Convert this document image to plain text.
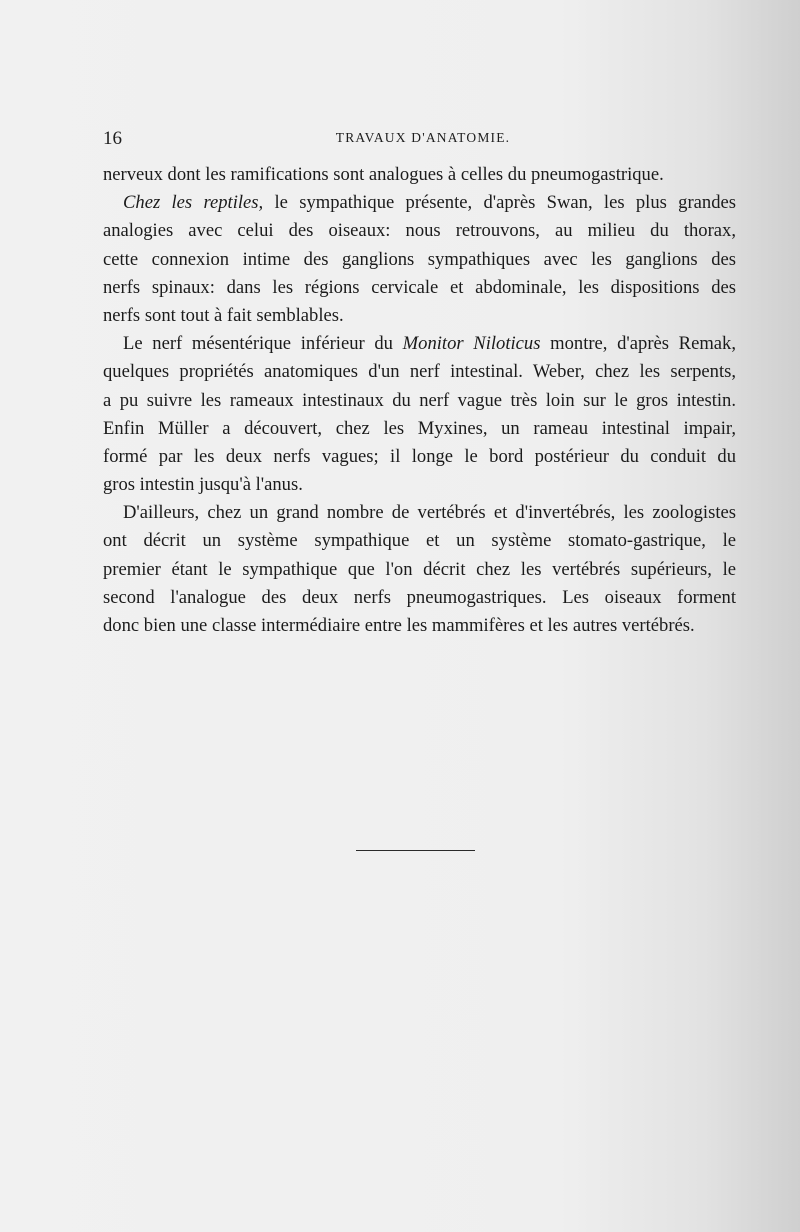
16	TRAVAUX D'ANATOMIE.
nerveux dont les ramifications sont analogues à celles du pneumogastrique.
Chez les reptiles, le sympathique présente, d'après Swan, les plus grandes
analogies avec celui des oiseaux: nous retrouvons, au milieu du thorax,
cette connexion intime des ganglions sympathiques avec les ganglions des
nerfs spinaux: dans les régions cervicale et abdominale, les dispositions des
nerfs sont tout à fait semblables.
Le nerf mésentérique inférieur du Monitor Niloticus montre, d'après Remak,
quelques propriétés anatomiques d'un nerf intestinal. Weber, chez les serpents,
a pu suivre les rameaux intestinaux du nerf vague très loin sur le gros intestin.
Enfin Müller a découvert, chez les Myxines, un rameau intestinal impair,
formé par les deux nerfs vagues; il longe le bord postérieur du conduit du
gros intestin jusqu'à l'anus.
D'ailleurs, chez un grand nombre de vertébrés et d'invertébrés, les zoologistes
ont décrit un système sympathique et un système stomato-gastrique, le
premier étant le sympathique que l'on décrit chez les vertébrés supérieurs, le
second l'analogue des deux nerfs pneumogastriques. Les oiseaux forment
donc bien une classe intermédiaire entre les mammifères et les autres vertébrés.
